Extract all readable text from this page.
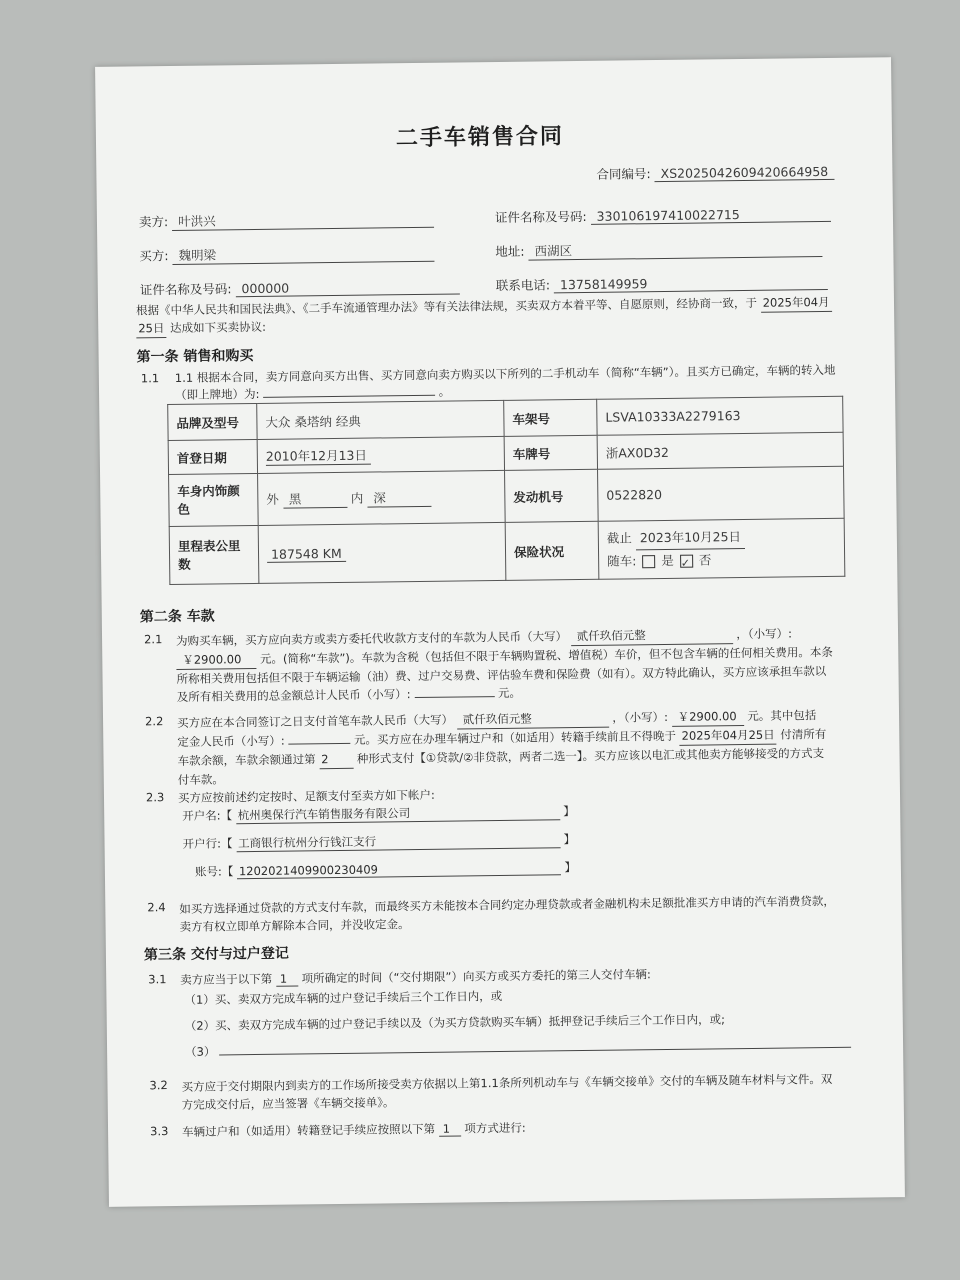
二手车销售合同
合同编号: XS2025042609420664958
卖方: 叶洪兴	证件名称及号码: 330106197410022715
买方: 魏明梁	地址: 西湖区
证件名称及号码: 000000	联系电话: 13758149959
根据《中华人民共和国民法典》、《二手车流通管理办法》等有关法律法规，买卖双方本着平等、自愿原则，经协商一致，于 2025年04月
25日 达成如下买卖协议:
第一条 销售和购买
1.1 1.1 根据本合同，卖方同意向买方出售、买方同意向卖方购买以下所列的二手机动车（简称“车辆”）。且买方已确定，车辆的转入地
（即上牌地）为:	。
品牌及型号	大众 桑塔纳 经典	车架号	LSVA10333A2279163
首登日期	2010年12月13日	车牌号	浙AX0D32
车身内饰颜色	外 黑 内 深	发动机号	0522820
里程表公里数	187548 KM	保险状况	截止 2023年10月25日
随车: 是 ✓ 否
第二条 车款
2.1 为购买车辆，买方应向卖方或卖方委托代收款方支付的车款为人民币（大写） 贰仟玖佰元整	，（小写）:
￥2900.00 元。(简称“车款”)。车款为含税（包括但不限于车辆购置税、增值税）车价，但不包含车辆的任何相关费用。本条
所称相关费用包括但不限于车辆运输（油）费、过户交易费、评估验车费和保险费（如有）。双方特此确认，买方应该承担车款以
及所有相关费用的总金额总计人民币（小写）:	元。
2.2 买方应在本合同签订之日支付首笔车款人民币（大写） 贰仟玖佰元整	，（小写）: ￥2900.00 元。其中包括
定金人民币（小写）:	元。买方应在办理车辆过户和（如适用）转籍手续前且不得晚于 2025年04月25日 付清所有
车款余额，车款余额通过第 2 种形式支付【①贷款/②非贷款，两者二选一】。买方应该以电汇或其他卖方能够接受的方式支
付车款。
2.3 买方应按前述约定按时、足额支付至卖方如下帐户:
开户名:【 杭州奥保行汽车销售服务有限公司	】
开户行:【 工商银行杭州分行钱江支行	】
账号:【 1202021409900230409	】
2.4 如买方选择通过贷款的方式支付车款，而最终买方未能按本合同约定办理贷款或者金融机构未足额批准买方申请的汽车消费贷款，
卖方有权立即单方解除本合同，并没收定金。
第三条 交付与过户登记
3.1 卖方应当于以下第 1 项所确定的时间（“交付期限”）向买方或买方委托的第三人交付车辆:
（1）买、卖双方完成车辆的过户登记手续后三个工作日内，或
（2）买、卖双方完成车辆的过户登记手续以及（为买方贷款购买车辆）抵押登记手续后三个工作日内，或;
（3）
3.2 买方应于交付期限内到卖方的工作场所接受卖方依据以上第1.1条所列机动车与《车辆交接单》交付的车辆及随车材料与文件。双
方完成交付后，应当签署《车辆交接单》。
3.3 车辆过户和（如适用）转籍登记手续应按照以下第 1 项方式进行:
